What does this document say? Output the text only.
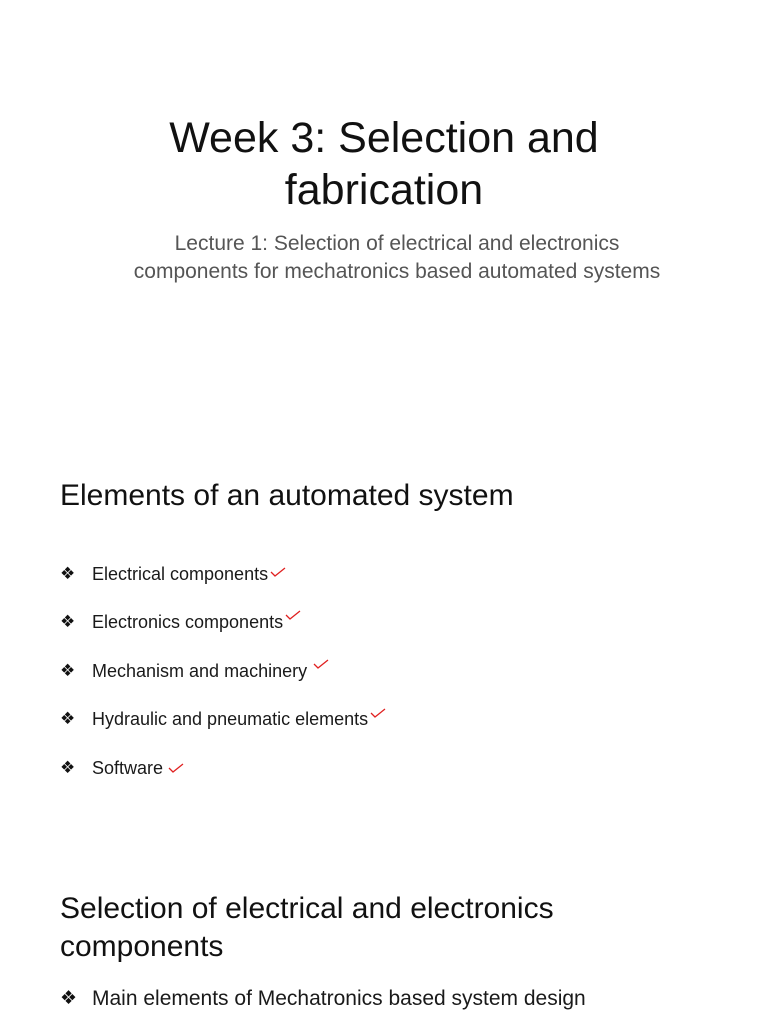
Week 3: Selection and
fabrication

Lecture 1: Selection of electrical and electronics
components for mechatronics based automated systems

Elements of an automated system
❖ Electrical components
❖ Electronics components
❖ Mechanism and machinery
❖ Hydraulic and pneumatic elements
❖ Software
Selection of electrical and electronics
components
❖ Main elements of Mechatronics based system design
